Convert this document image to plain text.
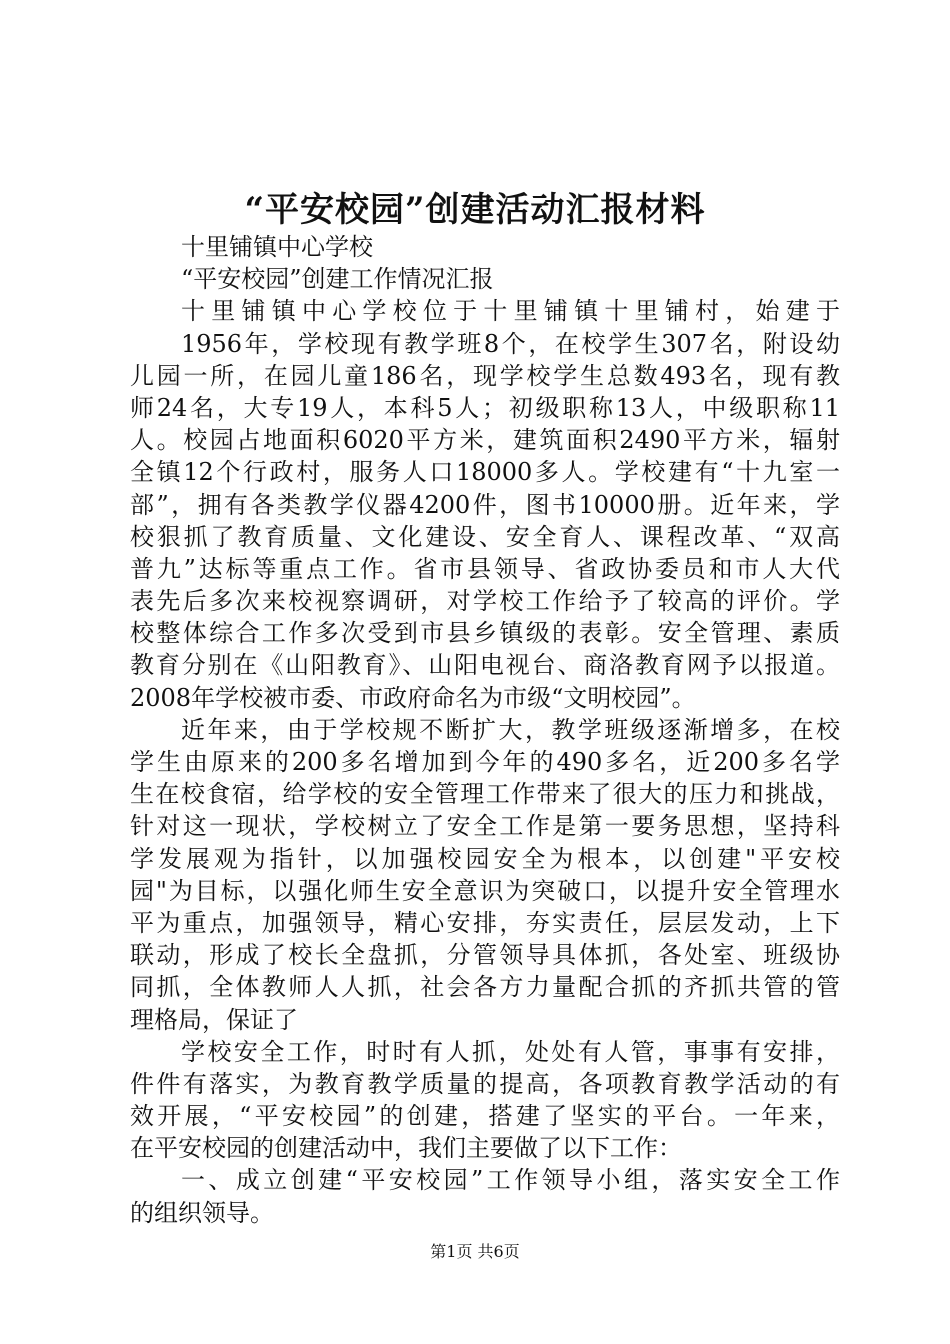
“平安校园”创建活动汇报材料
十里铺镇中心学校
“平安校园”创建工作情况汇报
十里铺镇中心学校位于十里铺镇十里铺村，始建于
1956年，学校现有教学班8个，在校学生307名，附设幼
儿园一所，在园儿童186名，现学校学生总数493名，现有教
师24名，大专19人，本科5人；初级职称13人，中级职称11
人。校园占地面积6020平方米，建筑面积2490平方米，辐射
全镇12个行政村，服务人口18000多人。学校建有“十九室一
部”，拥有各类教学仪器4200件，图书10000册。近年来，学
校狠抓了教育质量、文化建设、安全育人、课程改革、“双高
普九”达标等重点工作。省市县领导、省政协委员和市人大代
表先后多次来校视察调研，对学校工作给予了较高的评价。学
校整体综合工作多次受到市县乡镇级的表彰。安全管理、素质
教育分别在《山阳教育》、山阳电视台、商洛教育网予以报道。
2008年学校被市委、市政府命名为市级“文明校园”。
近年来，由于学校规不断扩大，教学班级逐渐增多，在校
学生由原来的200多名增加到今年的490多名，近200多名学
生在校食宿，给学校的安全管理工作带来了很大的压力和挑战，
针对这一现状，学校树立了安全工作是第一要务思想，坚持科
学发展观为指针，以加强校园安全为根本，以创建"平安校
园"为目标，以强化师生安全意识为突破口，以提升安全管理水
平为重点，加强领导，精心安排，夯实责任，层层发动，上下
联动，形成了校长全盘抓，分管领导具体抓，各处室、班级协
同抓，全体教师人人抓，社会各方力量配合抓的齐抓共管的管
理格局，保证了
学校安全工作，时时有人抓，处处有人管，事事有安排，
件件有落实，为教育教学质量的提高，各项教育教学活动的有
效开展，“平安校园”的创建，搭建了坚实的平台。一年来，
在平安校园的创建活动中，我们主要做了以下工作：
一、成立创建“平安校园”工作领导小组，落实安全工作
的组织领导。
第1页 共6页
